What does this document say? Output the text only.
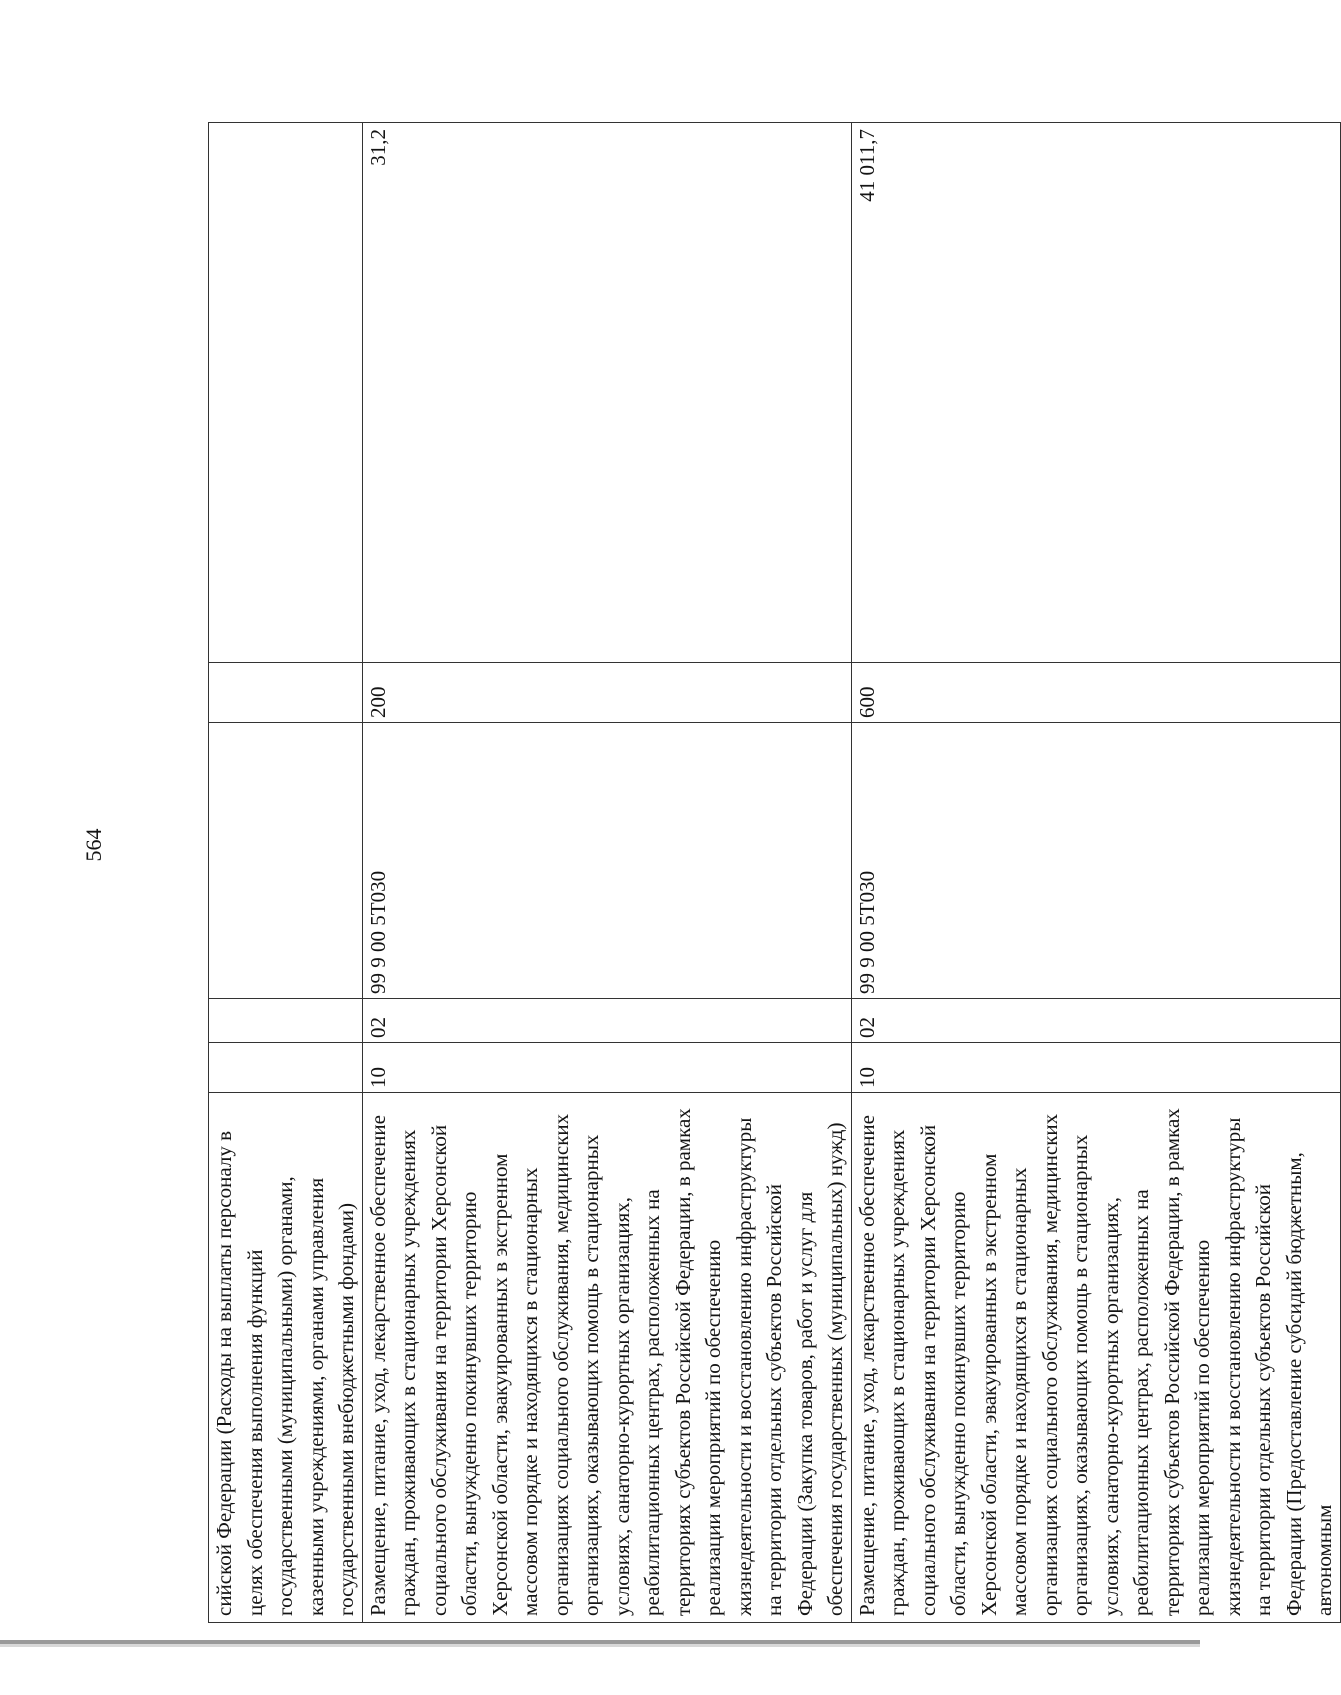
564
сийской Федерации (Расходы на выплаты персоналу в целях обеспечения выполнения функций государственными (муниципальными) органами, казенными учреждениями, органами управления государственными внебюджетными фондами)					
Размещение, питание, уход, лекарственное обеспечение граждан, проживающих в стационарных учреждениях социального обслуживания на территории Херсонской области, вынужденно покинувших территорию Херсонской области, эвакуированных в экстренном массовом порядке и находящихся в стационарных организациях социального обслуживания, медицинских организациях, оказывающих помощь в стационарных условиях, санаторно-курортных организациях, реабилитационных центрах, расположенных на территориях субъектов Российской Федерации, в рамках реализации мероприятий по обеспечению жизнедеятельности и восстановлению инфраструктуры на территории отдельных субъектов Российской Федерации (Закупка товаров, работ и услуг для обеспечения государственных (муниципальных) нужд)	10	02	99 9 00 5Т030	200	31,2
Размещение, питание, уход, лекарственное обеспечение граждан, проживающих в стационарных учреждениях социального обслуживания на территории Херсонской области, вынужденно покинувших территорию Херсонской области, эвакуированных в экстренном массовом порядке и находящихся в стационарных организациях социального обслуживания, медицинских организациях, оказывающих помощь в стационарных условиях, санаторно-курортных организациях, реабилитационных центрах, расположенных на территориях субъектов Российской Федерации, в рамках реализации мероприятий по обеспечению жизнедеятельности и восстановлению инфраструктуры на территории отдельных субъектов Российской Федерации (Предоставление субсидий бюджетным, автономным	10	02	99 9 00 5Т030	600	41 011,7
